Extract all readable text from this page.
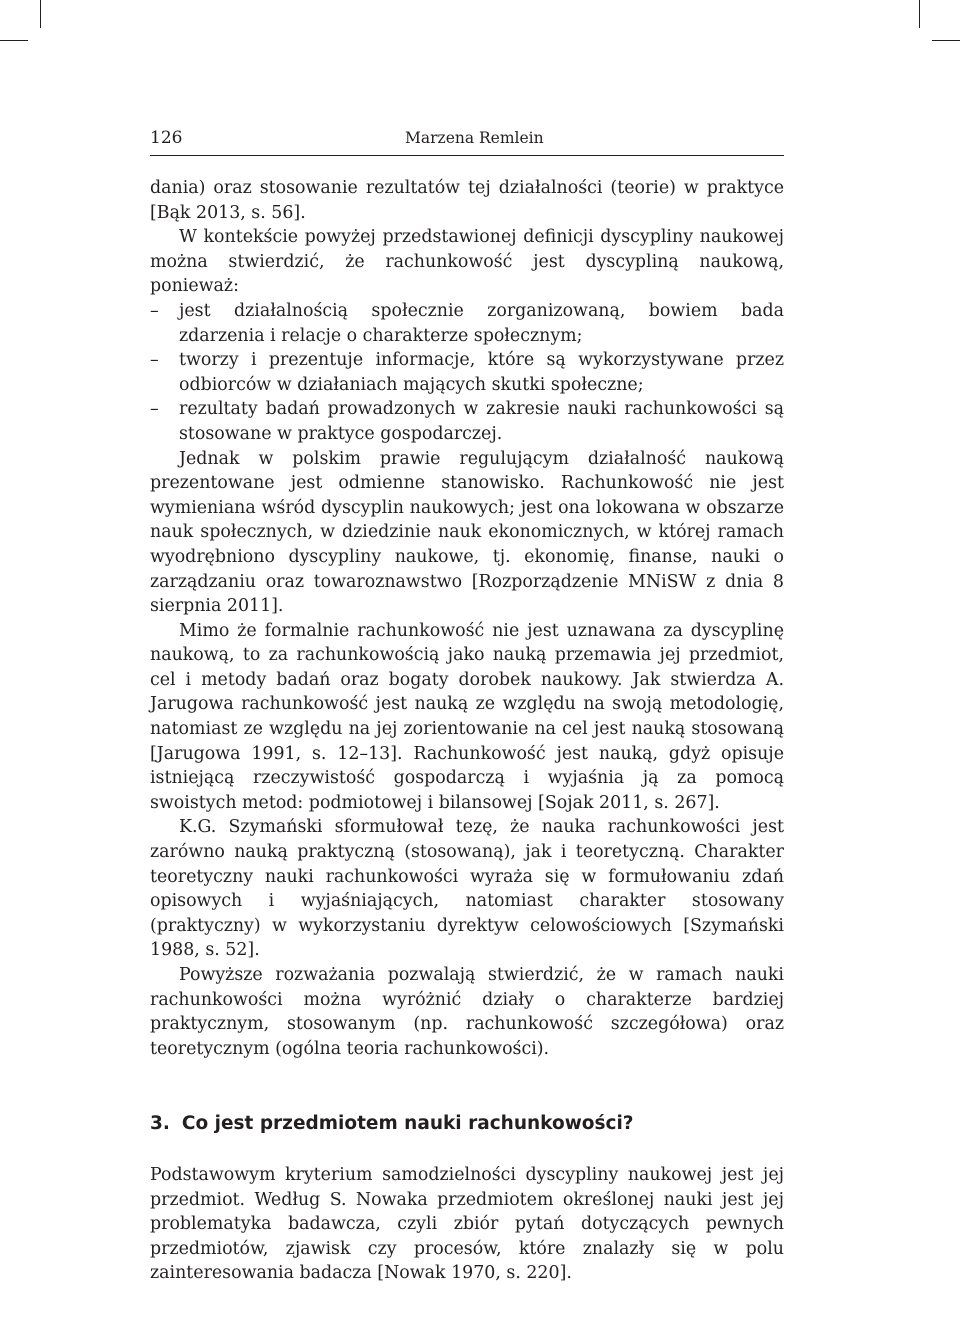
126	Marzena Remlein

dania) oraz stosowanie rezultatów tej działalności (teorie) w praktyce [Bąk 2013, s. 56].

W kontekście powyżej przedstawionej definicji dyscypliny naukowej można stwierdzić, że rachunkowość jest dyscypliną naukową, ponieważ:

– jest działalnością społecznie zorganizowaną, bowiem bada zdarzenia i relacje o charakterze społecznym;
– tworzy i prezentuje informacje, które są wykorzystywane przez odbiorców w działaniach mających skutki społeczne;
– rezultaty badań prowadzonych w zakresie nauki rachunkowości są stosowane w praktyce gospodarczej.

Jednak w polskim prawie regulującym działalność naukową prezentowane jest odmienne stanowisko. Rachunkowość nie jest wymieniana wśród dyscyplin naukowych; jest ona lokowana w obszarze nauk społecznych, w dziedzinie nauk ekonomicznych, w której ramach wyodrębniono dyscypliny naukowe, tj. ekonomię, finanse, nauki o zarządzaniu oraz towaroznawstwo [Rozporządzenie MNiSW z dnia 8 sierpnia 2011].

Mimo że formalnie rachunkowość nie jest uznawana za dyscyplinę naukową, to za rachunkowością jako nauką przemawia jej przedmiot, cel i metody badań oraz bogaty dorobek naukowy. Jak stwierdza A. Jarugowa rachunkowość jest nauką ze względu na swoją metodologię, natomiast ze względu na jej zorientowanie na cel jest nauką stosowaną [Jarugowa 1991, s. 12–13]. Rachunkowość jest nauką, gdyż opisuje istniejącą rzeczywistość gospodarczą i wyjaśnia ją za pomocą swoistych metod: podmiotowej i bilansowej [Sojak 2011, s. 267].

K.G. Szymański sformułował tezę, że nauka rachunkowości jest zarówno nauką praktyczną (stosowaną), jak i teoretyczną. Charakter teoretyczny nauki rachunkowości wyraża się w formułowaniu zdań opisowych i wyjaśniających, natomiast charakter stosowany (praktyczny) w wykorzystaniu dyrektyw celowościowych [Szymański 1988, s. 52].

Powyższe rozważania pozwalają stwierdzić, że w ramach nauki rachunkowości można wyróżnić działy o charakterze bardziej praktycznym, stosowanym (np. rachunkowość szczegółowa) oraz teoretycznym (ogólna teoria rachunkowości).

3. Co jest przedmiotem nauki rachunkowości?

Podstawowym kryterium samodzielności dyscypliny naukowej jest jej przedmiot. Według S. Nowaka przedmiotem określonej nauki jest jej problematyka badawcza, czyli zbiór pytań dotyczących pewnych przedmiotów, zjawisk czy procesów, które znalazły się w polu zainteresowania badacza [Nowak 1970, s. 220].
